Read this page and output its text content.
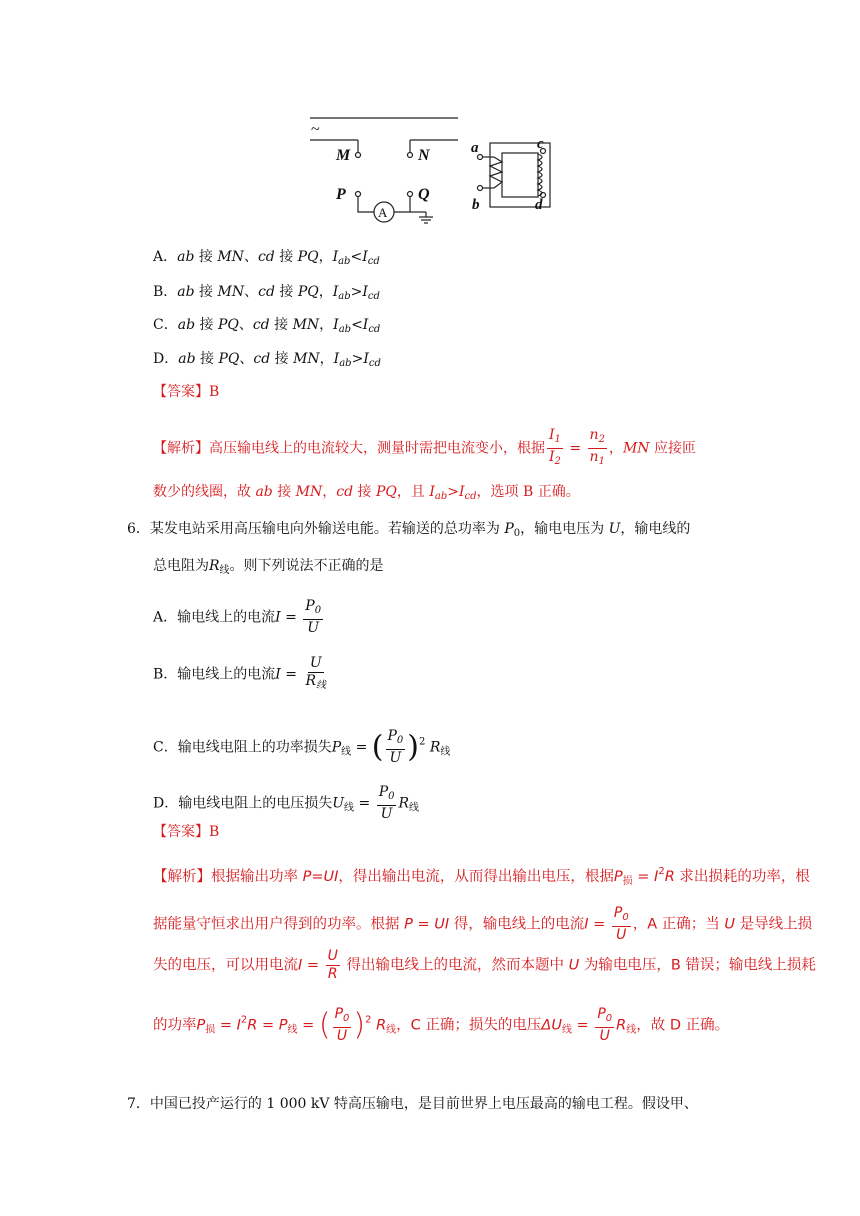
~
M	N
P	Q
A
a
b
c
d
A．ab 接 MN、cd 接 PQ，$I_{ab}<I_{cd}$
B．ab 接 MN、cd 接 PQ，$I_{ab}>I_{cd}$
C．ab 接 PQ、cd 接 MN，$I_{ab}<I_{cd}$
D．ab 接 PQ、cd 接 MN，$I_{ab}>I_{cd}$
【答案】B
【解析】高压输电线上的电流较大，测量时需把电流变小，根据 $\frac{I_1}{I_2} = \frac{n_2}{n_1}$ ，MN 应接匝
数少的线圈，故 ab 接 MN，cd 接 PQ，且 $I_{ab}>I_{cd}$，选项 B 正确。
6．某发电站采用高压输电向外输送电能。若输送的总功率为 $P_0$，输电电压为 U，输电线的
总电阻为$R_线$。则下列说法不正确的是
A．输电线上的电流$I = \frac{P_0}{U}$
B．输电线上的电流$I = \frac{U}{R_线}$
C．输电线电阻上的功率损失$P_线$ = ( $\frac{P_0}{U} )^2$ $R_线$
D．输电线电阻上的电压损失$U_线 = \frac{P_0}{U} R_线$
【答案】B
【解析】根据输出功率 P=UI，得出输出电流，从而得出输出电压，根据$P_损 = I^2R$ 求出损耗的功率，根
据能量守恒求出用户得到的功率。根据 P = UI 得，输电线上的电流$I = \frac{P_0}{U}$ ，A 正确；当 U 是导线上损
失的电压，可以用电流$I = \frac{U}{R}$ 得出输电线上的电流，然而本题中 U 为输电电压，B 错误；输电线上损耗
的功率$P_损 = I^2R = P_线$ = ( $\frac{P_0}{U} )^2$ $R_线$，C 正确；损失的电压$\Delta U_线 = \frac{P_0}{U} R_线$，故 D 正确。
7．中国已投产运行的 1 000 kV 特高压输电，是目前世界上电压最高的输电工程。假设甲、
